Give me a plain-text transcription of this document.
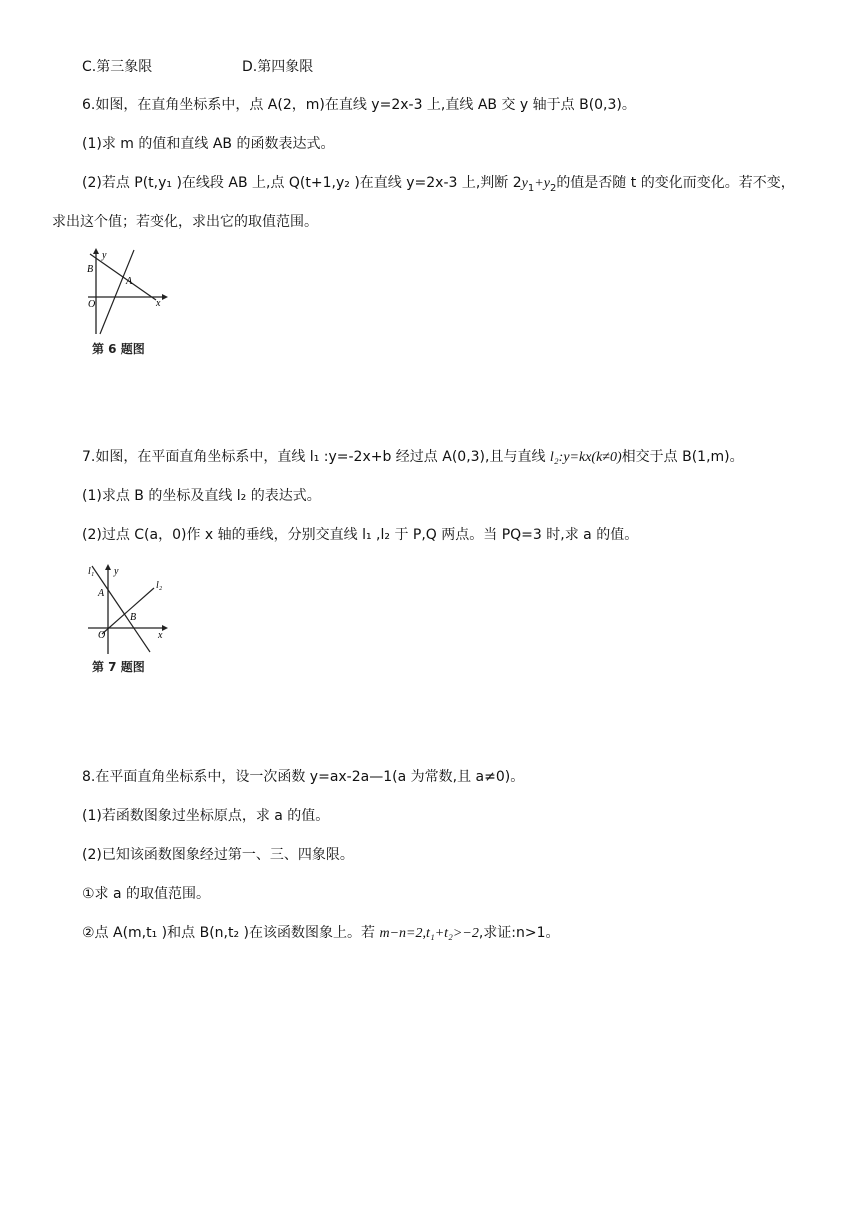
C.第三象限	D.第四象限
6.如图，在直角坐标系中，点 A(2，m)在直线 y=2x-3 上,直线 AB 交 y 轴于点 B(0,3)。
(1)求 m 的值和直线 AB 的函数表达式。
(2)若点 P(t,y₁ )在线段 AB 上,点 Q(t+1,y₂ )在直线 y=2x-3 上,判断 $2y_1+y_2$的值是否随 t 的变化而变化。若不变，
求出这个值；若变化，求出它的取值范围。
y
x
O
B
A
第 6 题图
7.如图，在平面直角坐标系中，直线 l₁ :y=-2x+b 经过点 A(0,3),且与直线 l₂:y=kx(k≠0)相交于点 B(1,m)。
(1)求点 B 的坐标及直线 l₂ 的表达式。
(2)过点 C(a，0)作 x 轴的垂线，分别交直线 l₁ ,l₂ 于 P,Q 两点。当 PQ=3 时,求 a 的值。
l₁ y
l₂
A
B
O	x
第 7 题图
8.在平面直角坐标系中，设一次函数 y=ax-2a—1(a 为常数,且 a≠0)。
(1)若函数图象过坐标原点，求 a 的值。
(2)已知该函数图象经过第一、三、四象限。
①求 a 的取值范围。
②点 A(m,t₁ )和点 B(n,t₂ )在该函数图象上。若 m−n=2,t₁+t₂>−2,求证:n>1。
